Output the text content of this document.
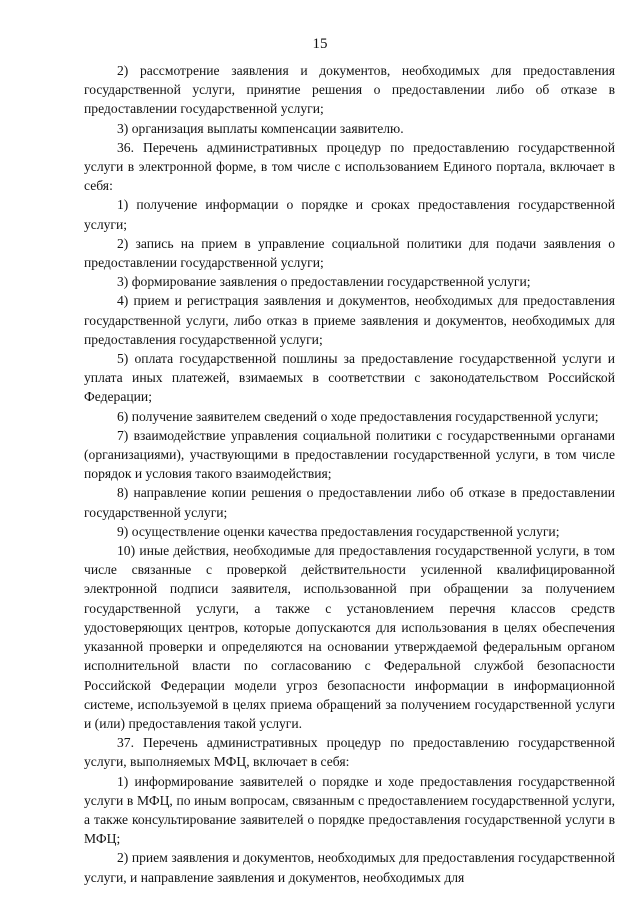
15

2) рассмотрение заявления и документов, необходимых для предоставления государственной услуги, принятие решения о предоставлении либо об отказе в предоставлении государственной услуги;

3) организация выплаты компенсации заявителю.

36. Перечень административных процедур по предоставлению государственной услуги в электронной форме, в том числе с использованием Единого портала, включает в себя:

1) получение информации о порядке и сроках предоставления государственной услуги;

2) запись на прием в управление социальной политики для подачи заявления о предоставлении государственной услуги;

3) формирование заявления о предоставлении государственной услуги;

4) прием и регистрация заявления и документов, необходимых для предоставления государственной услуги, либо отказ в приеме заявления и документов, необходимых для предоставления государственной услуги;

5) оплата государственной пошлины за предоставление государственной услуги и уплата иных платежей, взимаемых в соответствии с законодательством Российской Федерации;

6) получение заявителем сведений о ходе предоставления государственной услуги;

7) взаимодействие управления социальной политики с государственными органами (организациями), участвующими в предоставлении государственной услуги, в том числе порядок и условия такого взаимодействия;

8) направление копии решения о предоставлении либо об отказе в предоставлении государственной услуги;

9) осуществление оценки качества предоставления государственной услуги;

10) иные действия, необходимые для предоставления государственной услуги, в том числе связанные с проверкой действительности усиленной квалифицированной электронной подписи заявителя, использованной при обращении за получением государственной услуги, а также с установлением перечня классов средств удостоверяющих центров, которые допускаются для использования в целях обеспечения указанной проверки и определяются на основании утверждаемой федеральным органом исполнительной власти по согласованию с Федеральной службой безопасности Российской Федерации модели угроз безопасности информации в информационной системе, используемой в целях приема обращений за получением государственной услуги и (или) предоставления такой услуги.

37. Перечень административных процедур по предоставлению государственной услуги, выполняемых МФЦ, включает в себя:

1) информирование заявителей о порядке и ходе предоставления государственной услуги в МФЦ, по иным вопросам, связанным с предоставлением государственной услуги, а также консультирование заявителей о порядке предоставления государственной услуги в МФЦ;

2) прием заявления и документов, необходимых для предоставления государственной услуги, и направление заявления и документов, необходимых для
